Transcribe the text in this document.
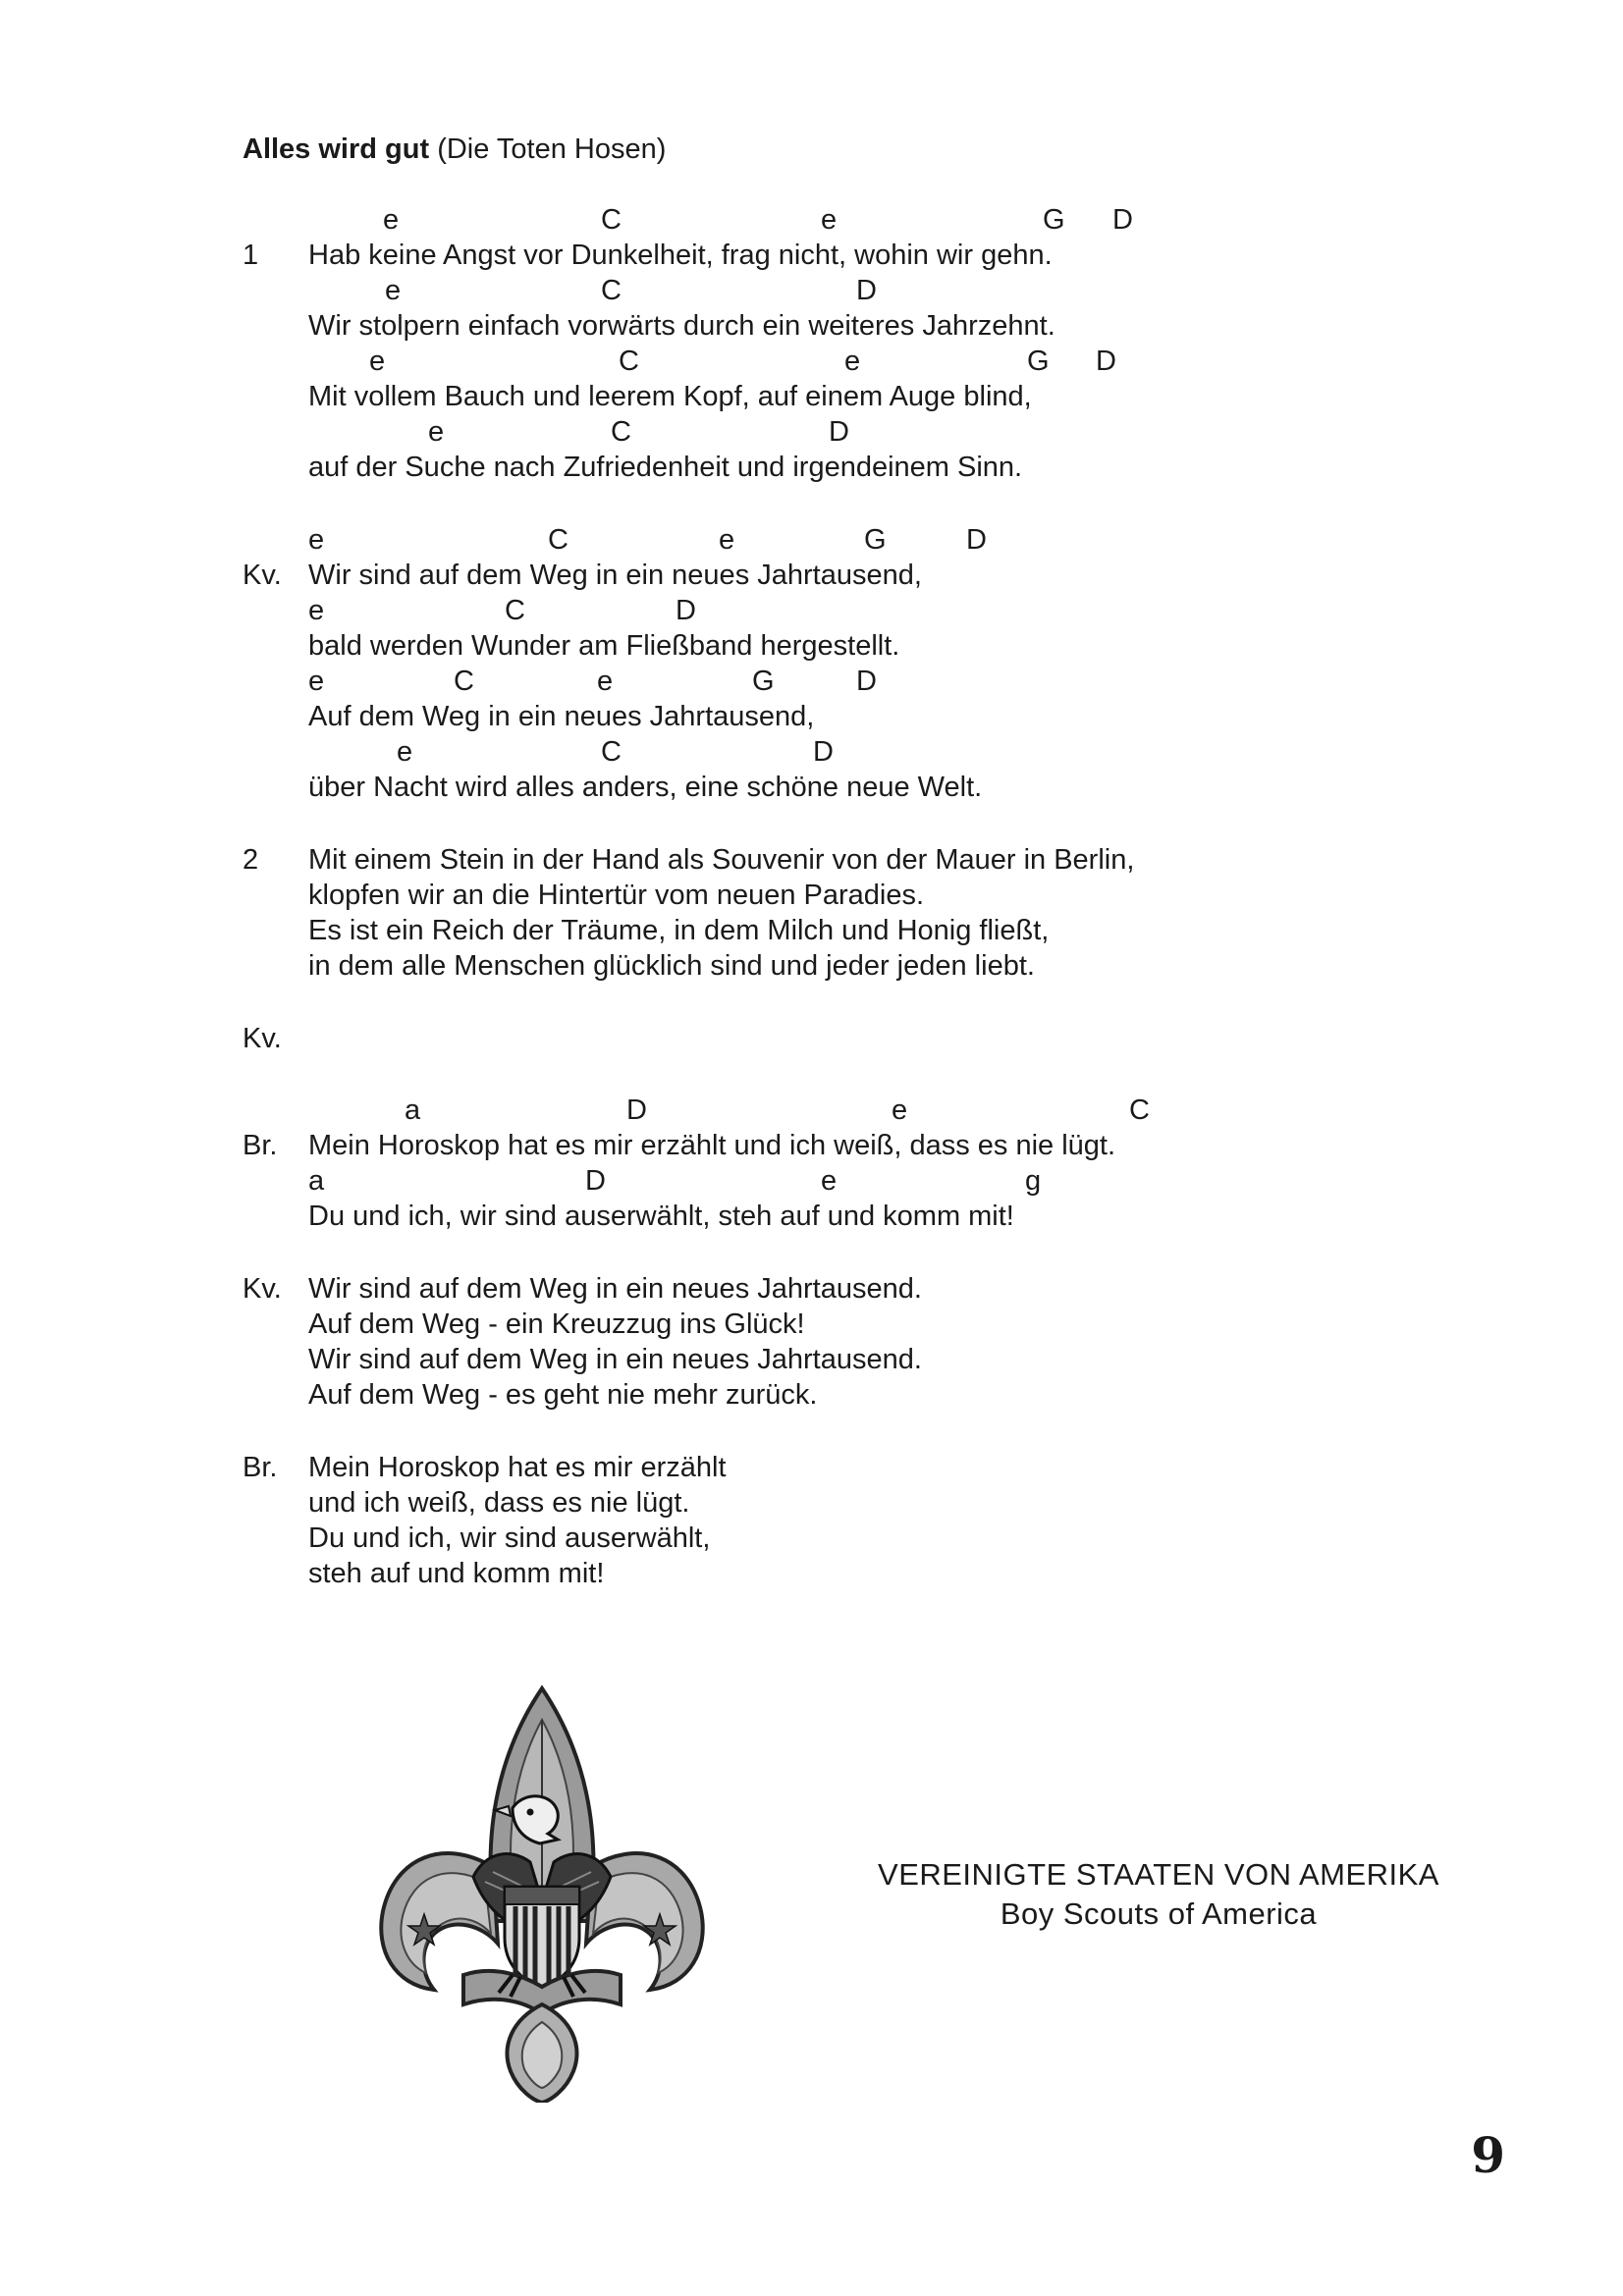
Alles wird gut (Die Toten Hosen)
e	C	e	G D
1 Hab keine Angst vor Dunkelheit, frag nicht, wohin wir gehn.
e	C	D
Wir stolpern einfach vorwärts durch ein weiteres Jahrzehnt.
e	C	e	G D
Mit vollem Bauch und leerem Kopf, auf einem Auge blind,
e	C	D
auf der Suche nach Zufriedenheit und irgendeinem Sinn.
e	C	e	G	D
Kv. Wir sind auf dem Weg in ein neues Jahrtausend,
e	C	D
bald werden Wunder am Fließband hergestellt.
e	C	e	G	D
Auf dem Weg in ein neues Jahrtausend,
e	C	D
über Nacht wird alles anders, eine schöne neue Welt.
2 Mit einem Stein in der Hand als Souvenir von der Mauer in Berlin,
klopfen wir an die Hintertür vom neuen Paradies.
Es ist ein Reich der Träume, in dem Milch und Honig fließt,
in dem alle Menschen glücklich sind und jeder jeden liebt.
Kv.
a	D	e	C
Br. Mein Horoskop hat es mir erzählt und ich weiß, dass es nie lügt.
a	D	e	g
Du und ich, wir sind auserwählt, steh auf und komm mit!
Kv. Wir sind auf dem Weg in ein neues Jahrtausend.
Auf dem Weg - ein Kreuzzug ins Glück!
Wir sind auf dem Weg in ein neues Jahrtausend.
Auf dem Weg - es geht nie mehr zurück.
Br. Mein Horoskop hat es mir erzählt
und ich weiß, dass es nie lügt.
Du und ich, wir sind auserwählt,
steh auf und komm mit!
VEREINIGTE STAATEN VON AMERIKA
Boy Scouts of America
9
